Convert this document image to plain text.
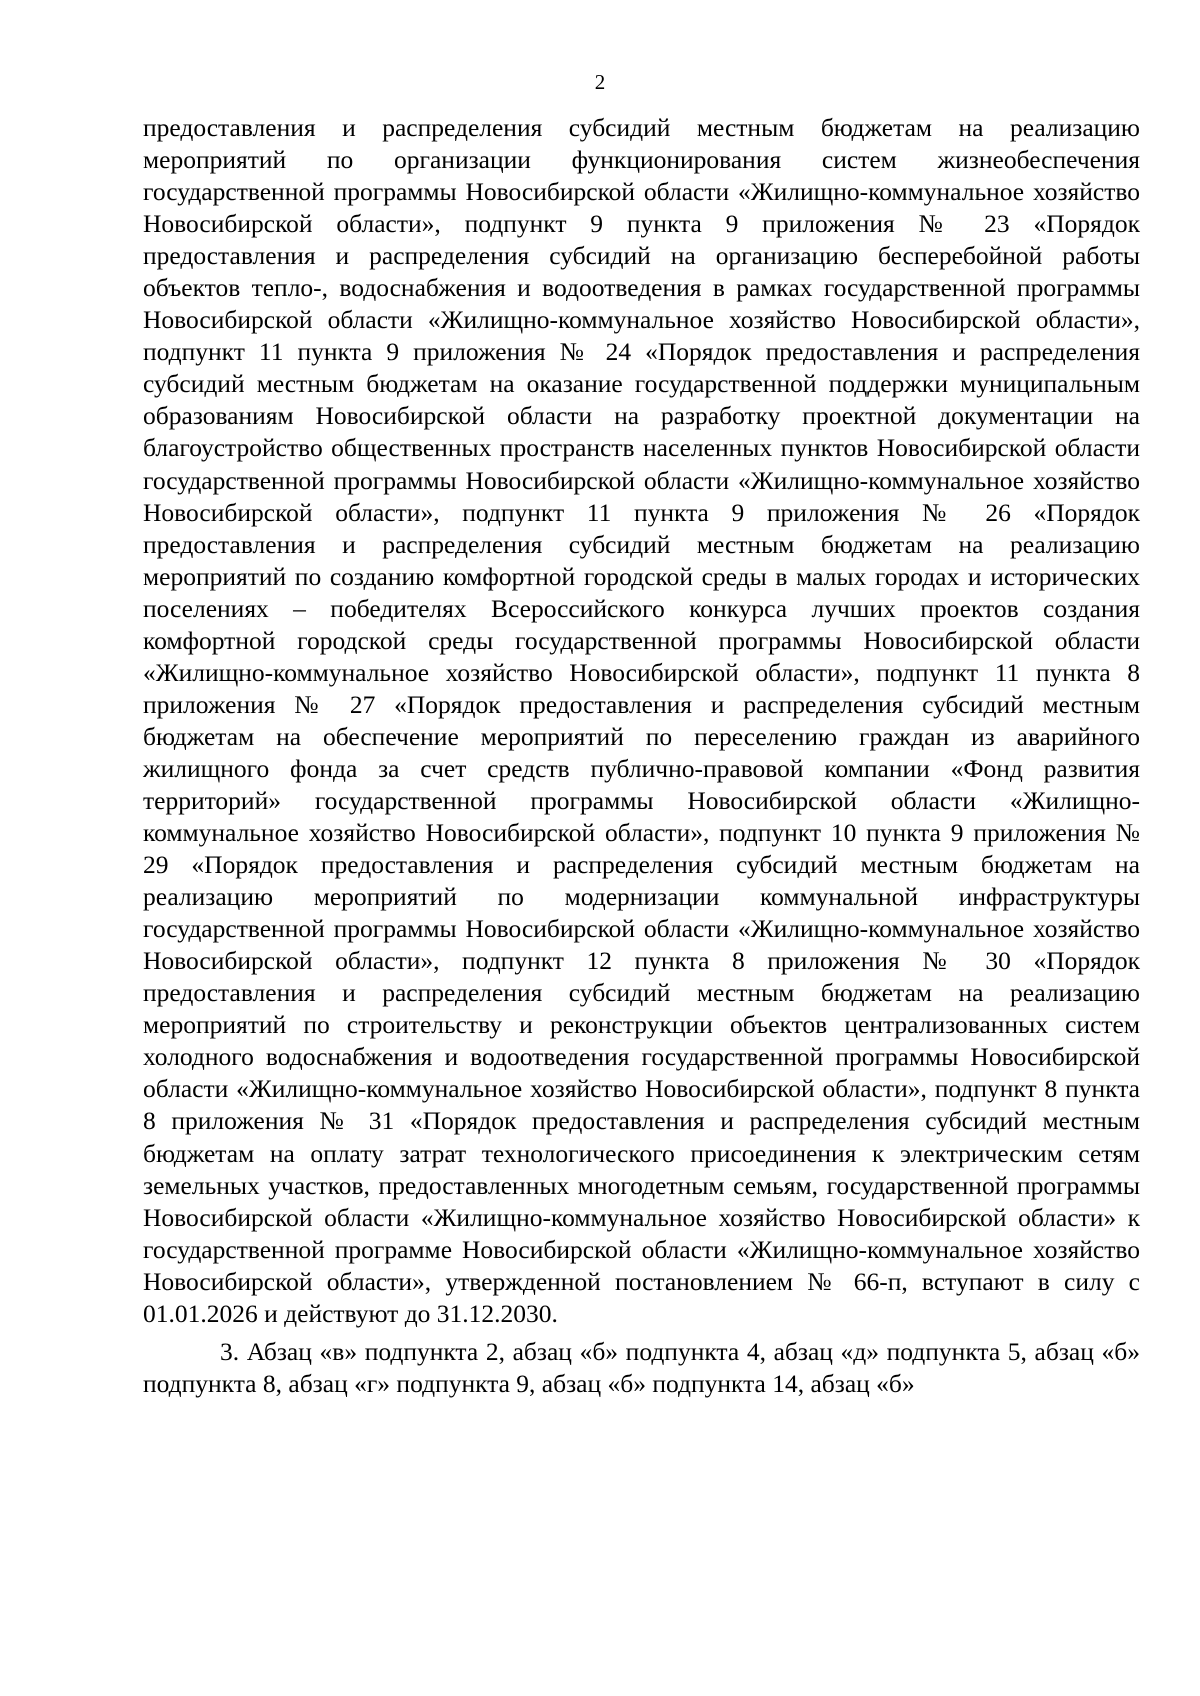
2

предоставления и распределения субсидий местным бюджетам на реализацию мероприятий по организации функционирования систем жизнеобеспечения государственной программы Новосибирской области «Жилищно-коммунальное хозяйство Новосибирской области», подпункт 9 пункта 9 приложения № 23 «Порядок предоставления и распределения субсидий на организацию бесперебойной работы объектов тепло-, водоснабжения и водоотведения в рамках государственной программы Новосибирской области «Жилищно-коммунальное хозяйство Новосибирской области», подпункт 11 пункта 9 приложения № 24 «Порядок предоставления и распределения субсидий местным бюджетам на оказание государственной поддержки муниципальным образованиям Новосибирской области на разработку проектной документации на благоустройство общественных пространств населенных пунктов Новосибирской области государственной программы Новосибирской области «Жилищно-коммунальное хозяйство Новосибирской области», подпункт 11 пункта 9 приложения № 26 «Порядок предоставления и распределения субсидий местным бюджетам на реализацию мероприятий по созданию комфортной городской среды в малых городах и исторических поселениях – победителях Всероссийского конкурса лучших проектов создания комфортной городской среды государственной программы Новосибирской области «Жилищно-коммунальное хозяйство Новосибирской области», подпункт 11 пункта 8 приложения № 27 «Порядок предоставления и распределения субсидий местным бюджетам на обеспечение мероприятий по переселению граждан из аварийного жилищного фонда за счет средств публично-правовой компании «Фонд развития территорий» государственной программы Новосибирской области «Жилищно-коммунальное хозяйство Новосибирской области», подпункт 10 пункта 9 приложения № 29 «Порядок предоставления и распределения субсидий местным бюджетам на реализацию мероприятий по модернизации коммунальной инфраструктуры государственной программы Новосибирской области «Жилищно-коммунальное хозяйство Новосибирской области», подпункт 12 пункта 8 приложения № 30 «Порядок предоставления и распределения субсидий местным бюджетам на реализацию мероприятий по строительству и реконструкции объектов централизованных систем холодного водоснабжения и водоотведения государственной программы Новосибирской области «Жилищно-коммунальное хозяйство Новосибирской области», подпункт 8 пункта 8 приложения № 31 «Порядок предоставления и распределения субсидий местным бюджетам на оплату затрат технологического присоединения к электрическим сетям земельных участков, предоставленных многодетным семьям, государственной программы Новосибирской области «Жилищно-коммунальное хозяйство Новосибирской области» к государственной программе Новосибирской области «Жилищно-коммунальное хозяйство Новосибирской области», утвержденной постановлением № 66-п, вступают в силу с 01.01.2026 и действуют до 31.12.2030.

3. Абзац «в» подпункта 2, абзац «б» подпункта 4, абзац «д» подпункта 5, абзац «б» подпункта 8, абзац «г» подпункта 9, абзац «б» подпункта 14, абзац «б»
